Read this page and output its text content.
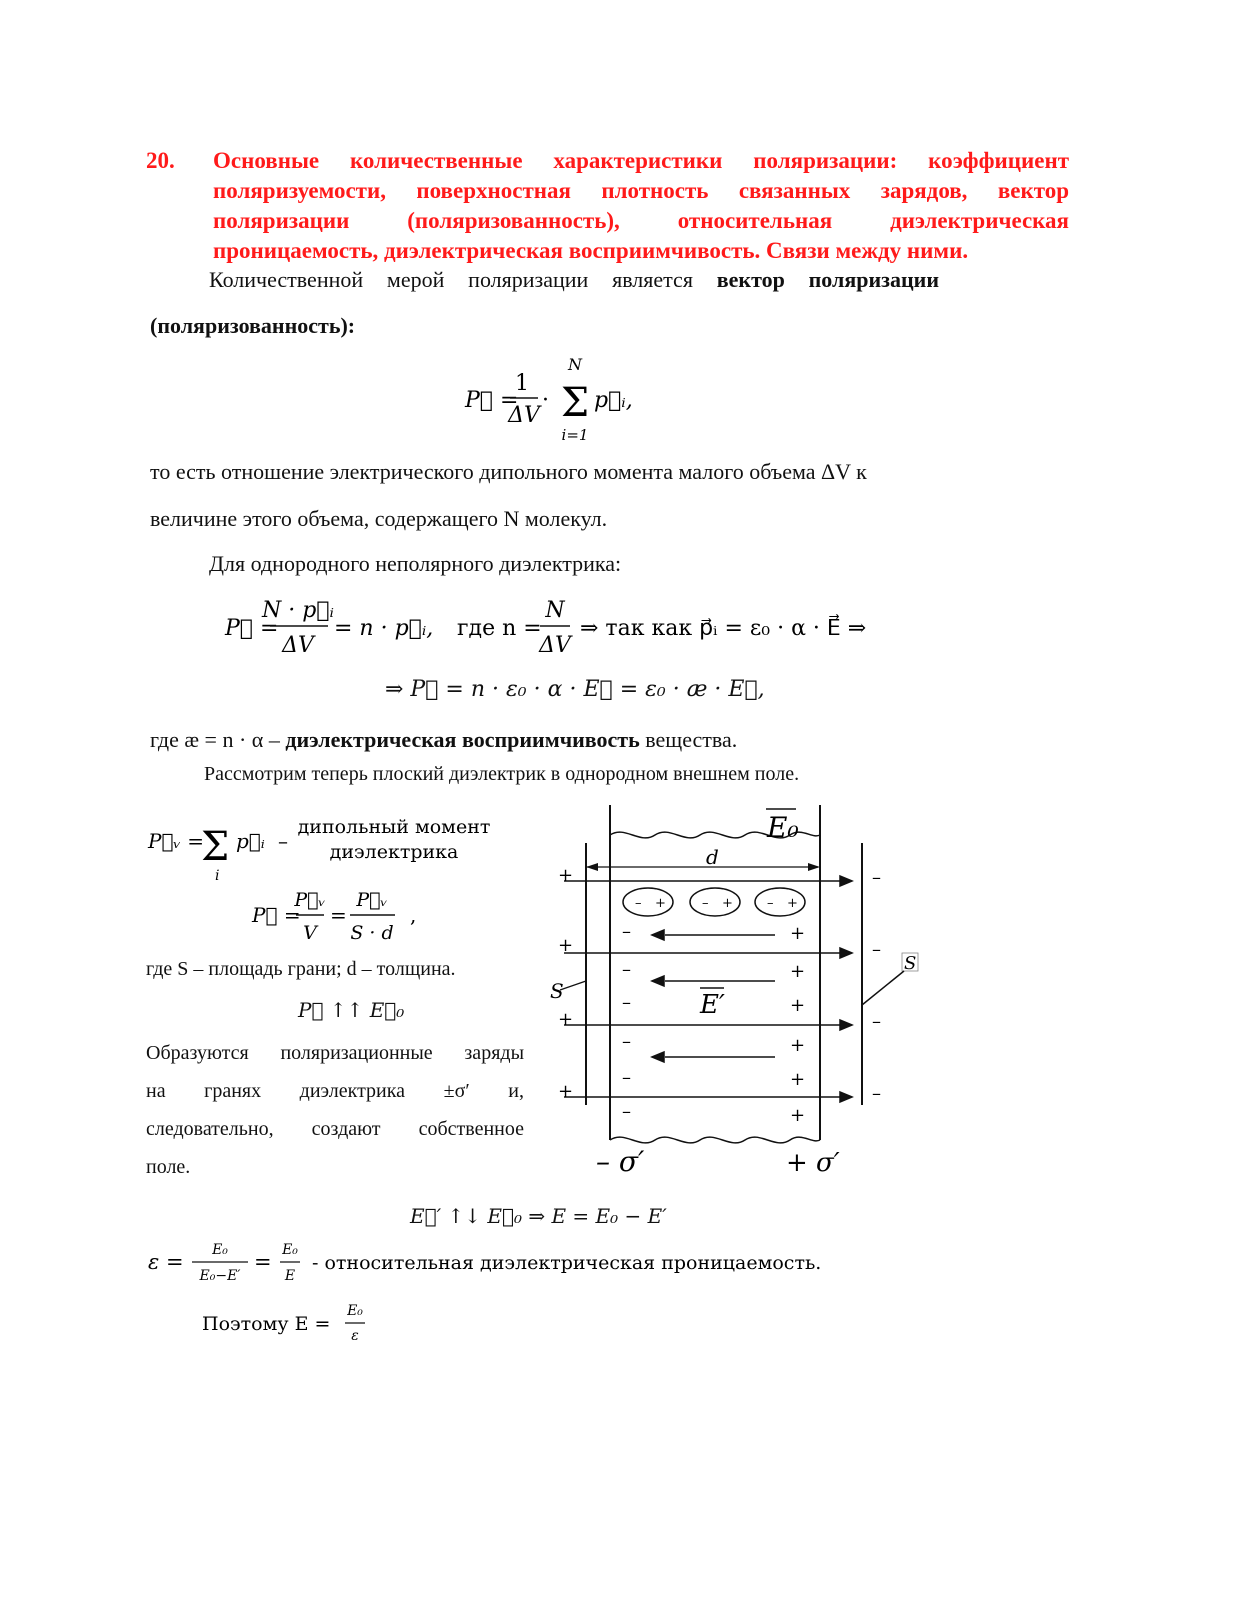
20. Основные количественные характеристики поляризации: коэффициент поляризуемости, поверхностная плотность связанных зарядов, вектор поляризации (поляризованность), относительная диэлектрическая проницаемость, диэлектрическая восприимчивость. Связи между ними.
Количественной мерой поляризации является вектор поляризации
(поляризованность):
P⃗ =
1
ΔV
·
N
Σ
i=1
p⃗ᵢ,
то есть отношение электрического дипольного момента малого объема ΔV к
величине этого объема, содержащего N молекул.
Для однородного неполярного диэлектрика:
P⃗ =
N · p⃗ᵢ
ΔV
= n · p⃗ᵢ, где n =
N
ΔV
⇒ так как p⃗ᵢ = ε₀ · α · E⃗ ⇒
⇒ P⃗ = n · ε₀ · α · E⃗ = ε₀ · æ · E⃗,
где æ = n · α – диэлектрическая восприимчивость вещества.
Рассмотрим теперь плоский диэлектрик в однородном внешнем поле.
P⃗ᵥ =
Σ
i
p⃗ᵢ –
дипольный момент
диэлектрика
P⃗ =
P⃗ᵥ
V
=
P⃗ᵥ
S · d
,
где S – площадь грани; d – толщина.
P⃗ ↑↑ E⃗₀
Образуются поляризационные заряды
на гранях диэлектрика ±σ′ и,
следовательно, создают собственное
поле.
E₀
d
– +	– +	– +
E′
–
–
–
–
–
–
+
+
+
+
+
+
+
+
+
+
–
–
–
–
S
S
– σ′	+ σ′
E⃗′ ↑↓ E⃗₀ ⇒ E = E₀ − E′
ε = E₀
E₀−E′
= E₀
E
- относительная диэлектрическая проницаемость.
Поэтому E =
E₀
ε
